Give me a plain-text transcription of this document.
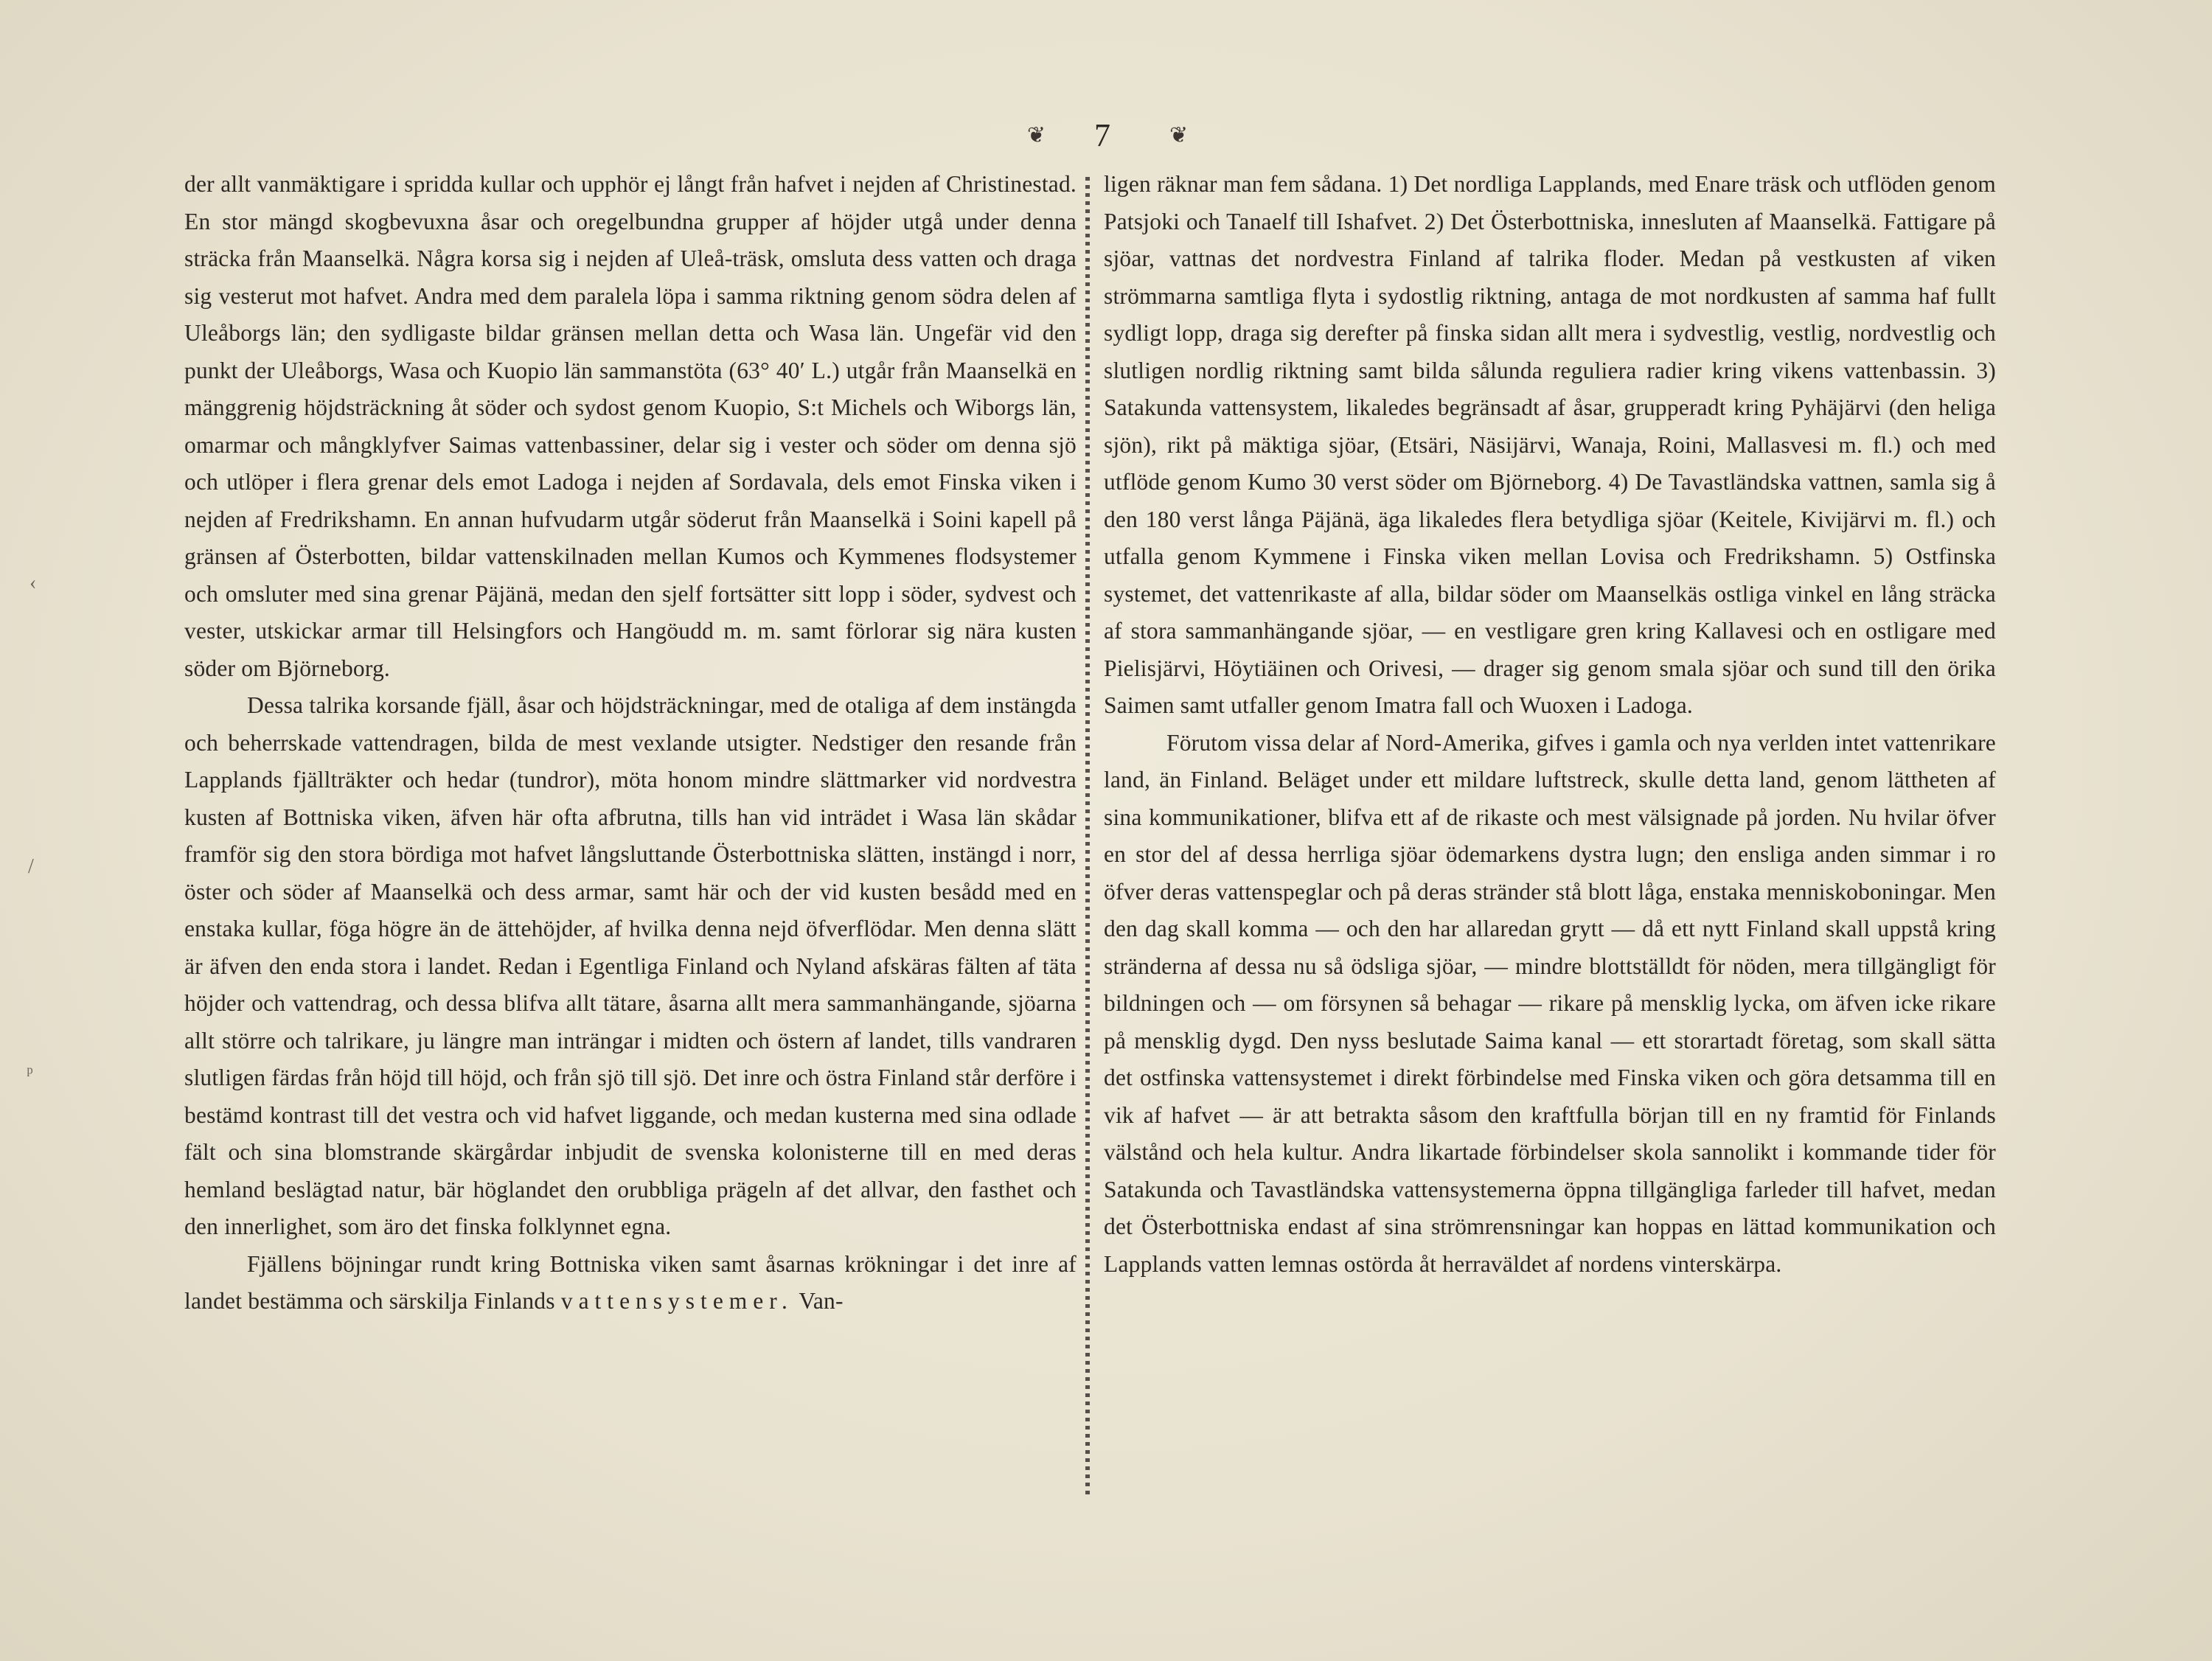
❦ 7	❦

der allt vanmäktigare i spridda kullar och upphör ej långt från hafvet i nejden af Christinestad. En stor mängd skogbevuxna åsar och oregelbundna grupper af höjder utgå under denna sträcka från Maanselkä. Några korsa sig i nejden af Uleå-träsk, omsluta dess vatten och draga sig vesterut mot hafvet. Andra med dem paralela löpa i samma riktning genom södra delen af Uleåborgs län; den sydligaste bildar gränsen mellan detta och Wasa län. Ungefär vid den punkt der Uleåborgs, Wasa och Kuopio län sammanstöta (63° 40′ L.) utgår från Maanselkä en mänggrenig höjdsträckning åt söder och sydost genom Kuopio, S:t Michels och Wiborgs län, omarmar och mångklyfver Saimas vattenbassiner, delar sig i vester och söder om denna sjö och utlöper i flera grenar dels emot Ladoga i nejden af Sordavala, dels emot Finska viken i nejden af Fredrikshamn. En annan hufvudarm utgår söderut från Maanselkä i Soini kapell på gränsen af Österbotten, bildar vattenskilnaden mellan Kumos och Kymmenes flodsystemer och omsluter med sina grenar Päjänä, medan den sjelf fortsätter sitt lopp i söder, sydvest och vester, utskickar armar till Helsingfors och Hangöudd m. m. samt förlorar sig nära kusten söder om Björneborg.

Dessa talrika korsande fjäll, åsar och höjdsträckningar, med de otaliga af dem instängda och beherrskade vattendragen, bilda de mest vexlande utsigter. Nedstiger den resande från Lapplands fjällträkter och hedar (tundror), möta honom mindre slättmarker vid nordvestra kusten af Bottniska viken, äfven här ofta afbrutna, tills han vid inträdet i Wasa län skådar framför sig den stora bördiga mot hafvet långsluttande Österbottniska slätten, instängd i norr, öster och söder af Maanselkä och dess armar, samt här och der vid kusten besådd med en enstaka kullar, föga högre än de ättehöjder, af hvilka denna nejd öfverflödar. Men denna slätt är äfven den enda stora i landet. Redan i Egentliga Finland och Nyland afskäras fälten af täta höjder och vattendrag, och dessa blifva allt tätare, åsarna allt mera sammanhängande, sjöarna allt större och talrikare, ju längre man inträngar i midten och östern af landet, tills vandraren slutligen färdas från höjd till höjd, och från sjö till sjö. Det inre och östra Finland står derföre i bestämd kontrast till det vestra och vid hafvet liggande, och medan kusterna med sina odlade fält och sina blomstrande skärgårdar inbjudit de svenska kolonisterne till en med deras hemland beslägtad natur, bär höglandet den orubbliga prägeln af det allvar, den fasthet och den innerlighet, som äro det finska folklynnet egna.

Fjällens böjningar rundt kring Bottniska viken samt åsarnas krökningar i det inre af landet bestämma och särskilja Finlands vattensystemer. Van-

ligen räknar man fem sådana. 1) Det nordliga Lapplands, med Enare träsk och utflöden genom Patsjoki och Tanaelf till Ishafvet. 2) Det Österbottniska, innesluten af Maanselkä. Fattigare på sjöar, vattnas det nordvestra Finland af talrika floder. Medan på vestkusten af viken strömmarna samtliga flyta i sydostlig riktning, antaga de mot nordkusten af samma haf fullt sydligt lopp, draga sig derefter på finska sidan allt mera i sydvestlig, vestlig, nordvestlig och slutligen nordlig riktning samt bilda sålunda reguliera radier kring vikens vattenbassin. 3) Satakunda vattensystem, likaledes begränsadt af åsar, grupperadt kring Pyhäjärvi (den heliga sjön), rikt på mäktiga sjöar, (Etsäri, Näsijärvi, Wanaja, Roini, Mallasvesi m. fl.) och med utflöde genom Kumo 30 verst söder om Björneborg. 4) De Tavastländska vattnen, samla sig å den 180 verst långa Päjänä, äga likaledes flera betydliga sjöar (Keitele, Kivijärvi m. fl.) och utfalla genom Kymmene i Finska viken mellan Lovisa och Fredrikshamn. 5) Ostfinska systemet, det vattenrikaste af alla, bildar söder om Maanselkäs ostliga vinkel en lång sträcka af stora sammanhängande sjöar, — en vestligare gren kring Kallavesi och en ostligare med Pielisjärvi, Höytiäinen och Orivesi, — drager sig genom smala sjöar och sund till den örika Saimen samt utfaller genom Imatra fall och Wuoxen i Ladoga.

Förutom vissa delar af Nord-Amerika, gifves i gamla och nya verlden intet vattenrikare land, än Finland. Beläget under ett mildare luftstreck, skulle detta land, genom lättheten af sina kommunikationer, blifva ett af de rikaste och mest välsignade på jorden. Nu hvilar öfver en stor del af dessa herrliga sjöar ödemarkens dystra lugn; den ensliga anden simmar i ro öfver deras vattenspeglar och på deras stränder stå blott låga, enstaka menniskoboningar. Men den dag skall komma — och den har allaredan grytt — då ett nytt Finland skall uppstå kring stränderna af dessa nu så ödsliga sjöar, — mindre blottställdt för nöden, mera tillgängligt för bildningen och — om försynen så behagar — rikare på mensklig lycka, om äfven icke rikare på mensklig dygd. Den nyss beslutade Saima kanal — ett storartadt företag, som skall sätta det ostfinska vattensystemet i direkt förbindelse med Finska viken och göra detsamma till en vik af hafvet — är att betrakta såsom den kraftfulla början till en ny framtid för Finlands välstånd och hela kultur. Andra likartade förbindelser skola sannolikt i kommande tider för Satakunda och Tavastländska vattensystemerna öppna tillgängliga farleder till hafvet, medan det Österbottniska endast af sina strömrensningar kan hoppas en lättad kommunikation och Lapplands vatten lemnas ostörda åt herraväldet af nordens vinterskärpa.

‹
/
ᵖ
